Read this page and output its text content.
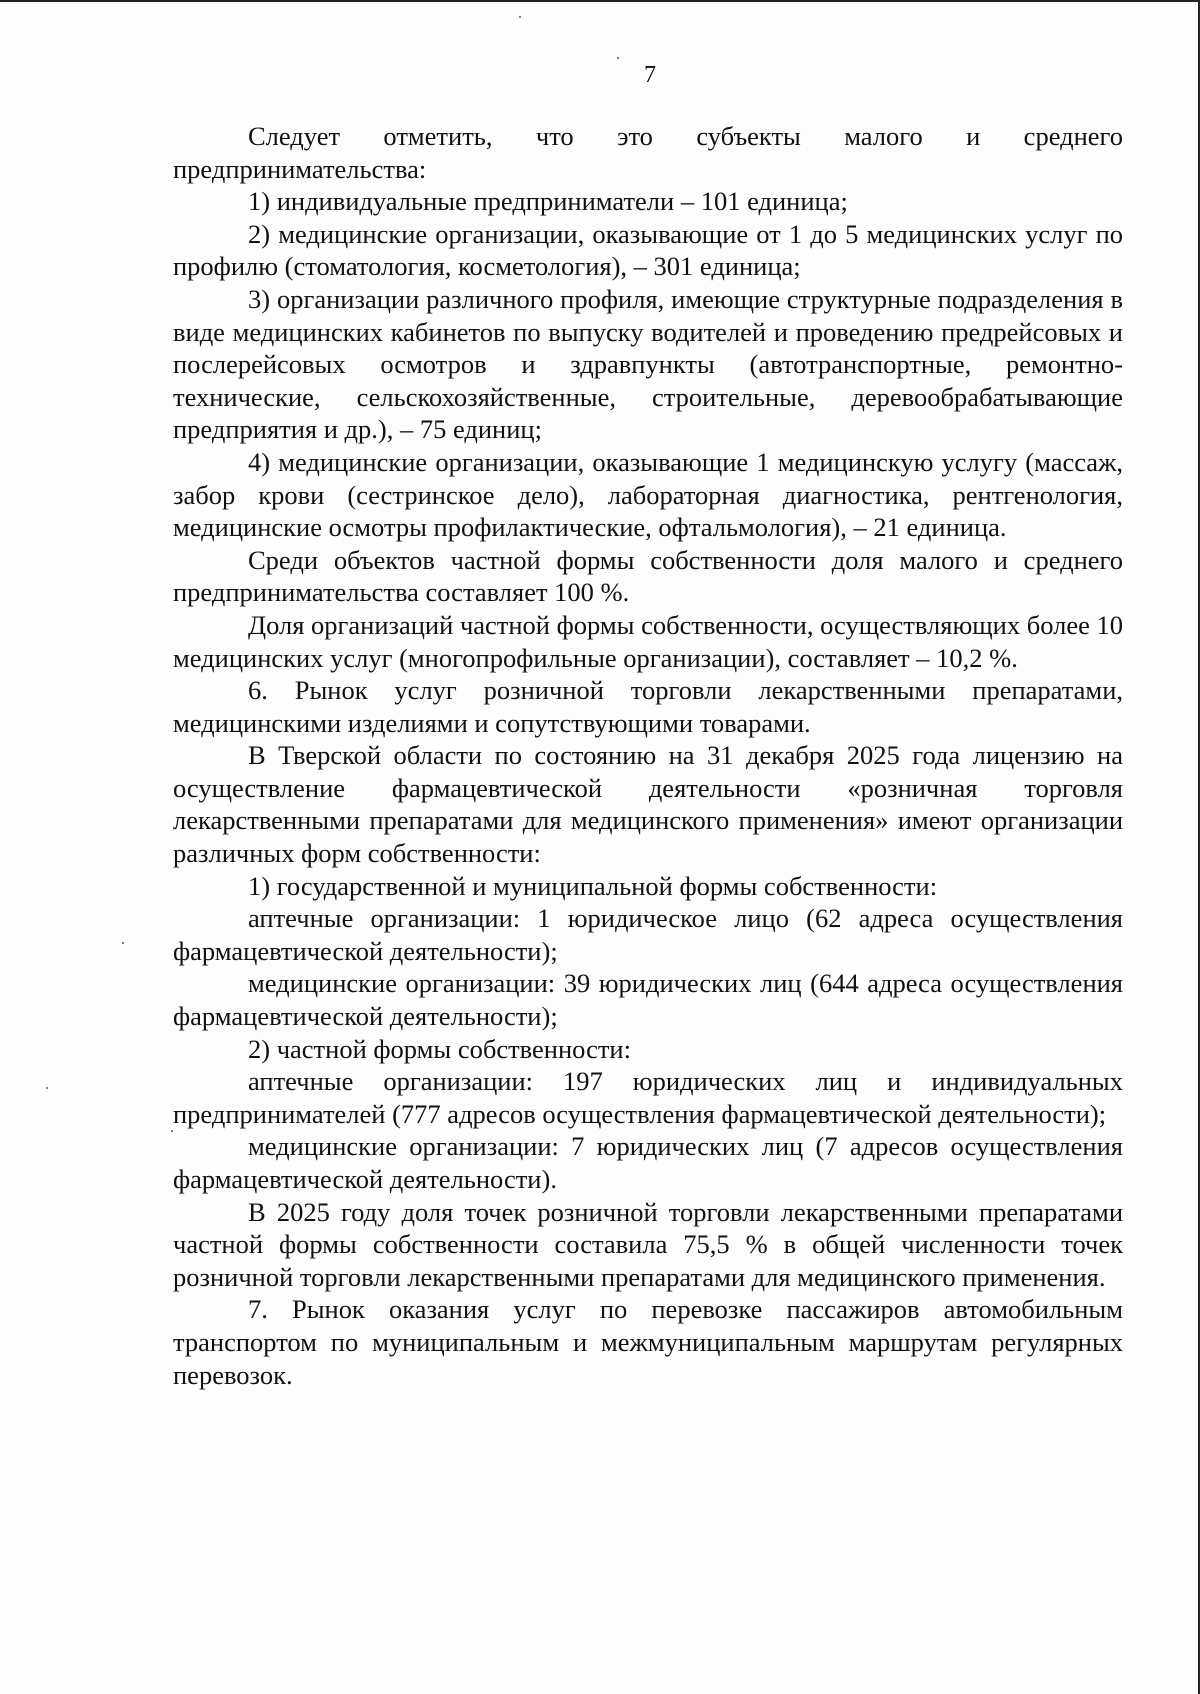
7

Следует отметить, что это субъекты малого и среднего предпринимательства:

1) индивидуальные предприниматели – 101 единица;

2) медицинские организации, оказывающие от 1 до 5 медицинских услуг по профилю (стоматология, косметология), – 301 единица;

3) организации различного профиля, имеющие структурные подразделения в виде медицинских кабинетов по выпуску водителей и проведению предрейсовых и послерейсовых осмотров и здравпункты (автотранспортные, ремонтно-технические, сельскохозяйственные, строительные, деревообрабатывающие предприятия и др.), – 75 единиц;

4) медицинские организации, оказывающие 1 медицинскую услугу (массаж, забор крови (сестринское дело), лабораторная диагностика, рентгенология, медицинские осмотры профилактические, офтальмология), – 21 единица.

Среди объектов частной формы собственности доля малого и среднего предпринимательства составляет 100 %.

Доля организаций частной формы собственности, осуществляющих более 10 медицинских услуг (многопрофильные организации), составляет – 10,2 %.

6. Рынок услуг розничной торговли лекарственными препаратами, медицинскими изделиями и сопутствующими товарами.

В Тверской области по состоянию на 31 декабря 2025 года лицензию на осуществление фармацевтической деятельности «розничная торговля лекарственными препаратами для медицинского применения» имеют организации различных форм собственности:

1) государственной и муниципальной формы собственности:

аптечные организации: 1 юридическое лицо (62 адреса осуществления фармацевтической деятельности);

медицинские организации: 39 юридических лиц (644 адреса осуществления фармацевтической деятельности);

2) частной формы собственности:

аптечные организации: 197 юридических лиц и индивидуальных предпринимателей (777 адресов осуществления фармацевтической деятельности);

медицинские организации: 7 юридических лиц (7 адресов осуществления фармацевтической деятельности).

В 2025 году доля точек розничной торговли лекарственными препаратами частной формы собственности составила 75,5 % в общей численности точек розничной торговли лекарственными препаратами для медицинского применения.

7. Рынок оказания услуг по перевозке пассажиров автомобильным транспортом по муниципальным и межмуниципальным маршрутам регулярных перевозок.
